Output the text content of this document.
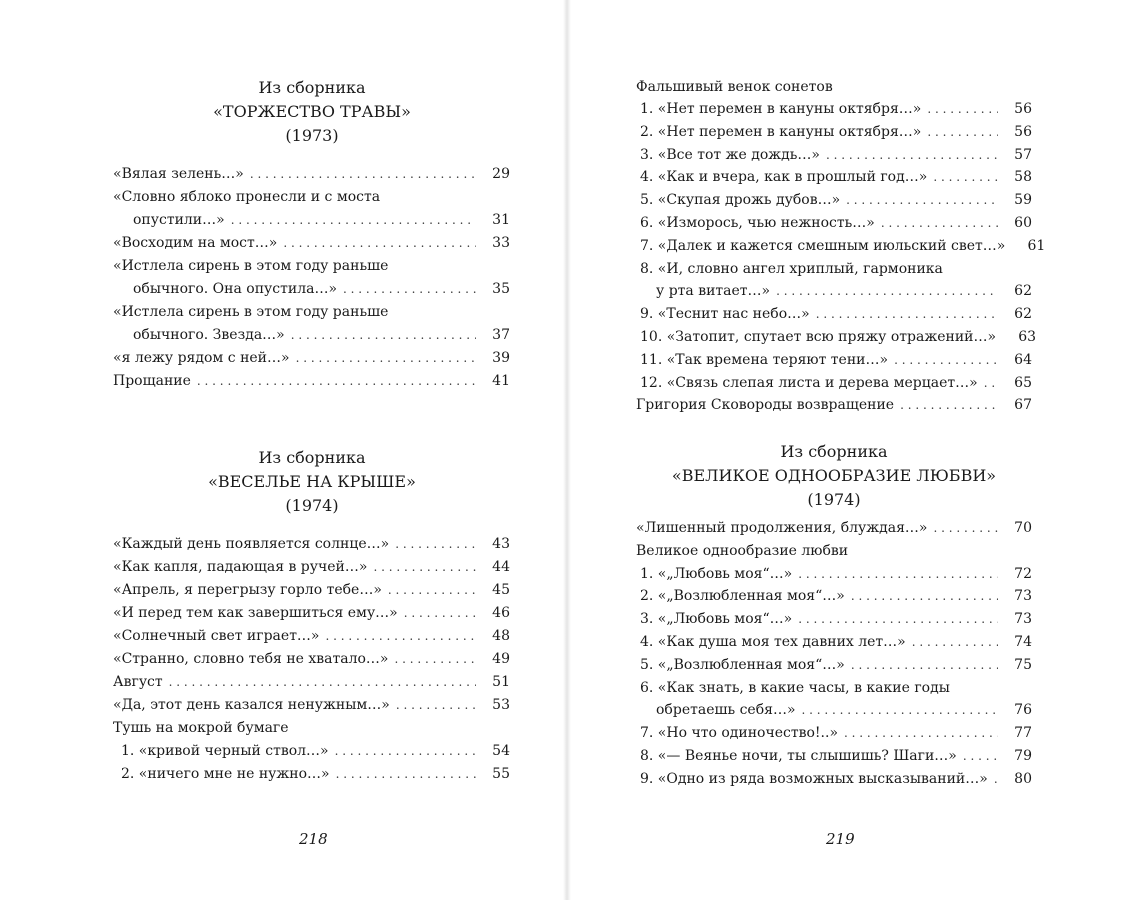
Из сборника
«ТОРЖЕСТВО ТРАВЫ»
(1973)
«Вялая зелень…» . . .	29
«Словно яблоко пронесли и с моста
опустили…» . . .	31
«Восходим на мост…» . . .	33
«Истлела сирень в этом году раньше
обычного. Она опустила…» . . .	35
«Истлела сирень в этом году раньше
обычного. Звезда…» . . .	37
«я лежу рядом с ней…» . . .	39
Прощание . . .	41
Из сборника
«ВЕСЕЛЬЕ НА КРЫШЕ»
(1974)
«Каждый день появляется солнце…» . . .	43
«Как капля, падающая в ручей…» . . .	44
«Апрель, я перегрызу горло тебе…» . . .	45
«И перед тем как завершиться ему…» . . .	46
«Солнечный свет играет…» . . .	48
«Странно, словно тебя не хватало…» . . .	49
Август . . .	51
«Да, этот день казался ненужным…» . . .	53
Тушь на мокрой бумаге
1. «кривой черный ствол…» . . .	54
2. «ничего мне не нужно…» . . .	55
218
Фальшивый венок сонетов
1. «Нет перемен в кануны октября…» . . .	56
2. «Нет перемен в кануны октября…» . . .	56
3. «Все тот же дождь…» . . .	57
4. «Как и вчера, как в прошлый год…» . . .	58
5. «Скупая дрожь дубов…» . . .	59
6. «Изморось, чью нежность…» . . .	60
7. «Далек и кажется смешным июльский свет…»	61
8. «И, словно ангел хриплый, гармоника
у рта витает…» . . .	62
9. «Теснит нас небо…» . . .	62
10. «Затопит, спутает всю пряжу отражений…»	63
11. «Так времена теряют тени…» . . .	64
12. «Связь слепая листа и дерева мерцает…» . . .	65
Григория Сковороды возвращение . . .	67
Из сборника
«ВЕЛИКОЕ ОДНООБРАЗИЕ ЛЮБВИ»
(1974)
«Лишенный продолжения, блуждая…» . . .	70
Великое однообразие любви
1. «„Любовь моя“…» . . .	72
2. «„Возлюбленная моя“…» . . .	73
3. «„Любовь моя“…» . . .	73
4. «Как душа моя тех давних лет…» . . .	74
5. «„Возлюбленная моя“…» . . .	75
6. «Как знать, в какие часы, в какие годы
обретаешь себя…» . . .	76
7. «Но что одиночество!..» . . .	77
8. «— Веянье ночи, ты слышишь? Шаги…» . . .	79
9. «Одно из ряда возможных высказываний…» . . .	80
219
